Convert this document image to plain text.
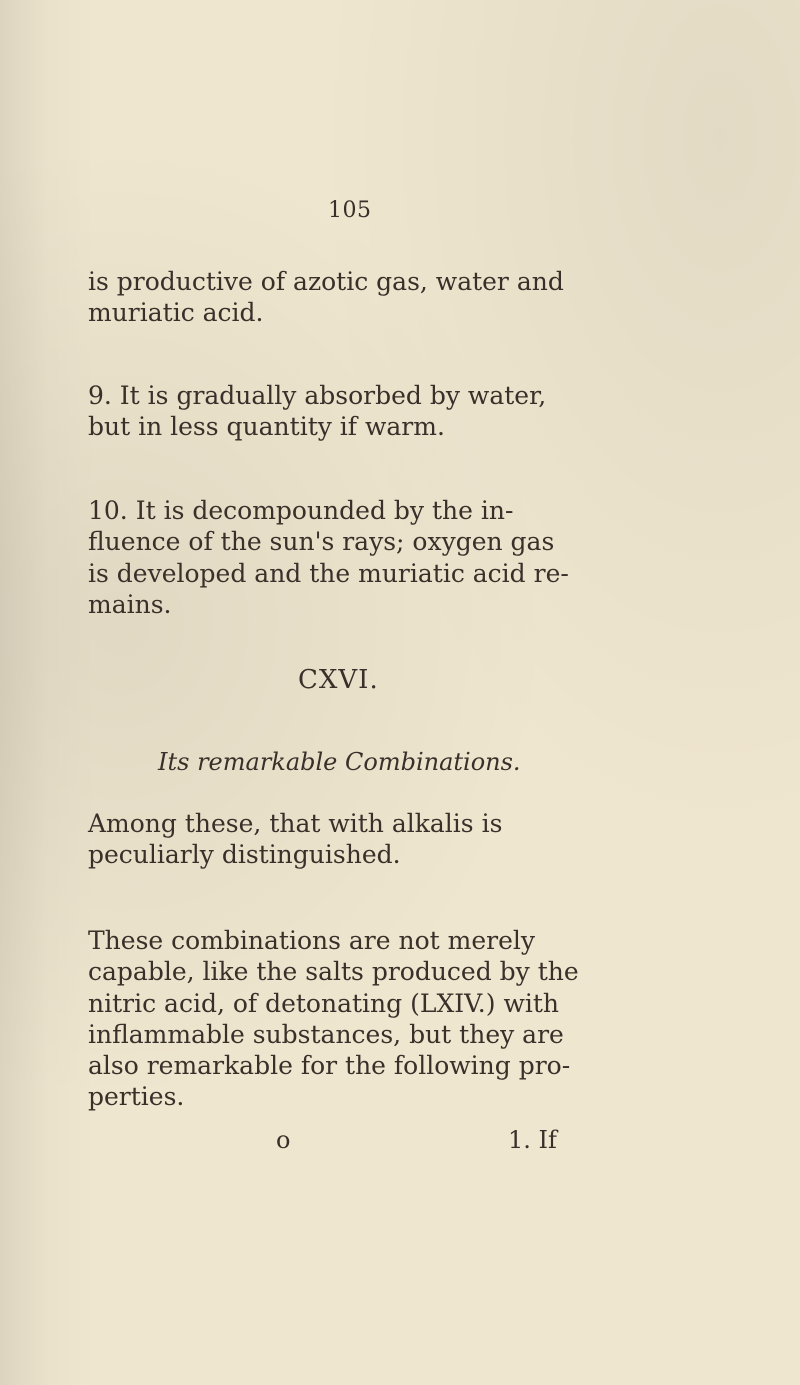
105
is productive of azotic gas, water and
muriatic acid.
9. It is gradually absorbed by water,
but in less quantity if warm.
10. It is decompounded by the in-
fluence of the sun's rays; oxygen gas
is developed and the muriatic acid re-
mains.
CXVI.
Its remarkable Combinations.
Among these, that with alkalis is
peculiarly distinguished.
These combinations are not merely
capable, like the salts produced by the
nitric acid, of detonating (LXIV.) with
inflammable substances, but they are
also remarkable for the following pro-
perties.
o	1. If
